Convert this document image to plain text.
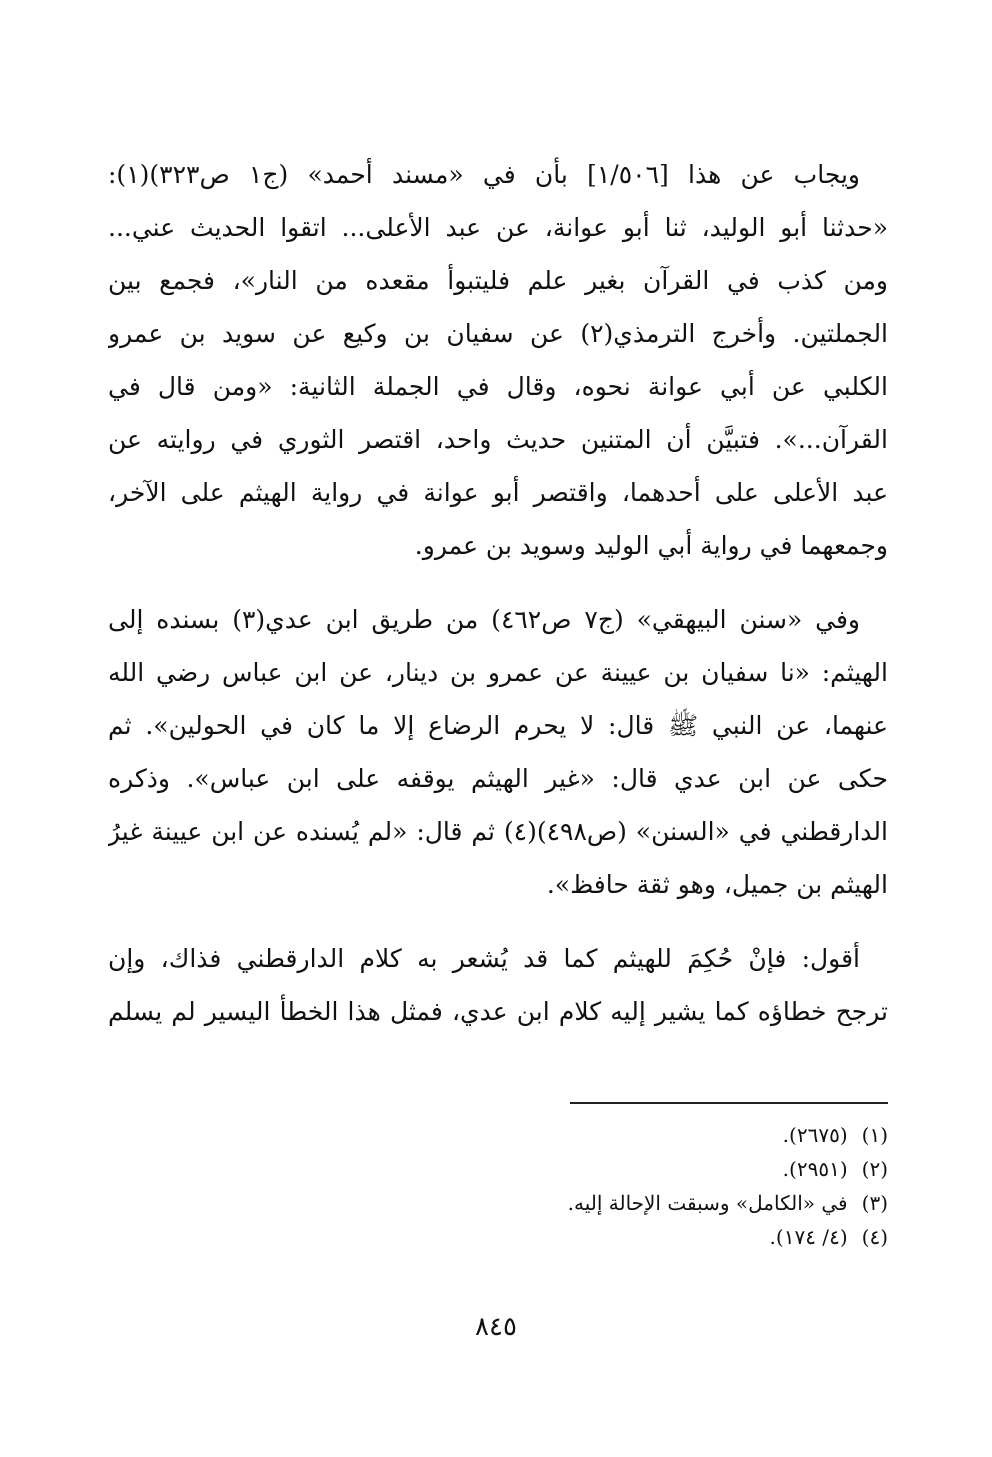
ويجاب عن هذا [١/٥٠٦] بأن في «مسند أحمد» (ج١ ص٣٢٣)(١):
«حدثنا أبو الوليد، ثنا أبو عوانة، عن عبد الأعلى... اتقوا الحديث عني...
ومن كذب في القرآن بغير علم فليتبوأ مقعده من النار»، فجمع بين
الجملتين. وأخرج الترمذي(٢) عن سفيان بن وكيع عن سويد بن عمرو
الكلبي عن أبي عوانة نحوه، وقال في الجملة الثانية: «ومن قال في
القرآن...». فتبيَّن أن المتنين حديث واحد، اقتصر الثوري في روايته عن
عبد الأعلى على أحدهما، واقتصر أبو عوانة في رواية الهيثم على الآخر،
وجمعهما في رواية أبي الوليد وسويد بن عمرو.

وفي «سنن البيهقي» (ج٧ ص٤٦٢) من طريق ابن عدي(٣) بسنده إلى
الهيثم: «نا سفيان بن عيينة عن عمرو بن دينار، عن ابن عباس رضي الله
عنهما، عن النبي ﷺ قال: لا يحرم الرضاع إلا ما كان في الحولين». ثم
حكى عن ابن عدي قال: «غير الهيثم يوقفه على ابن عباس». وذكره
الدارقطني في «السنن» (ص٤٩٨)(٤) ثم قال: «لم يُسنده عن ابن عيينة غيرُ
الهيثم بن جميل، وهو ثقة حافظ».

أقول: فإنْ حُكِمَ للهيثم كما قد يُشعر به كلام الدارقطني فذاك، وإن
ترجح خطاؤه كما يشير إليه كلام ابن عدي، فمثل هذا الخطأ اليسير لم يسلم

(١)(٢٦٧٥).
(٢)(٢٩٥١).
(٣)في «الكامل» وسبقت الإحالة إليه.
(٤)(٤/ ١٧٤).
٨٤٥
